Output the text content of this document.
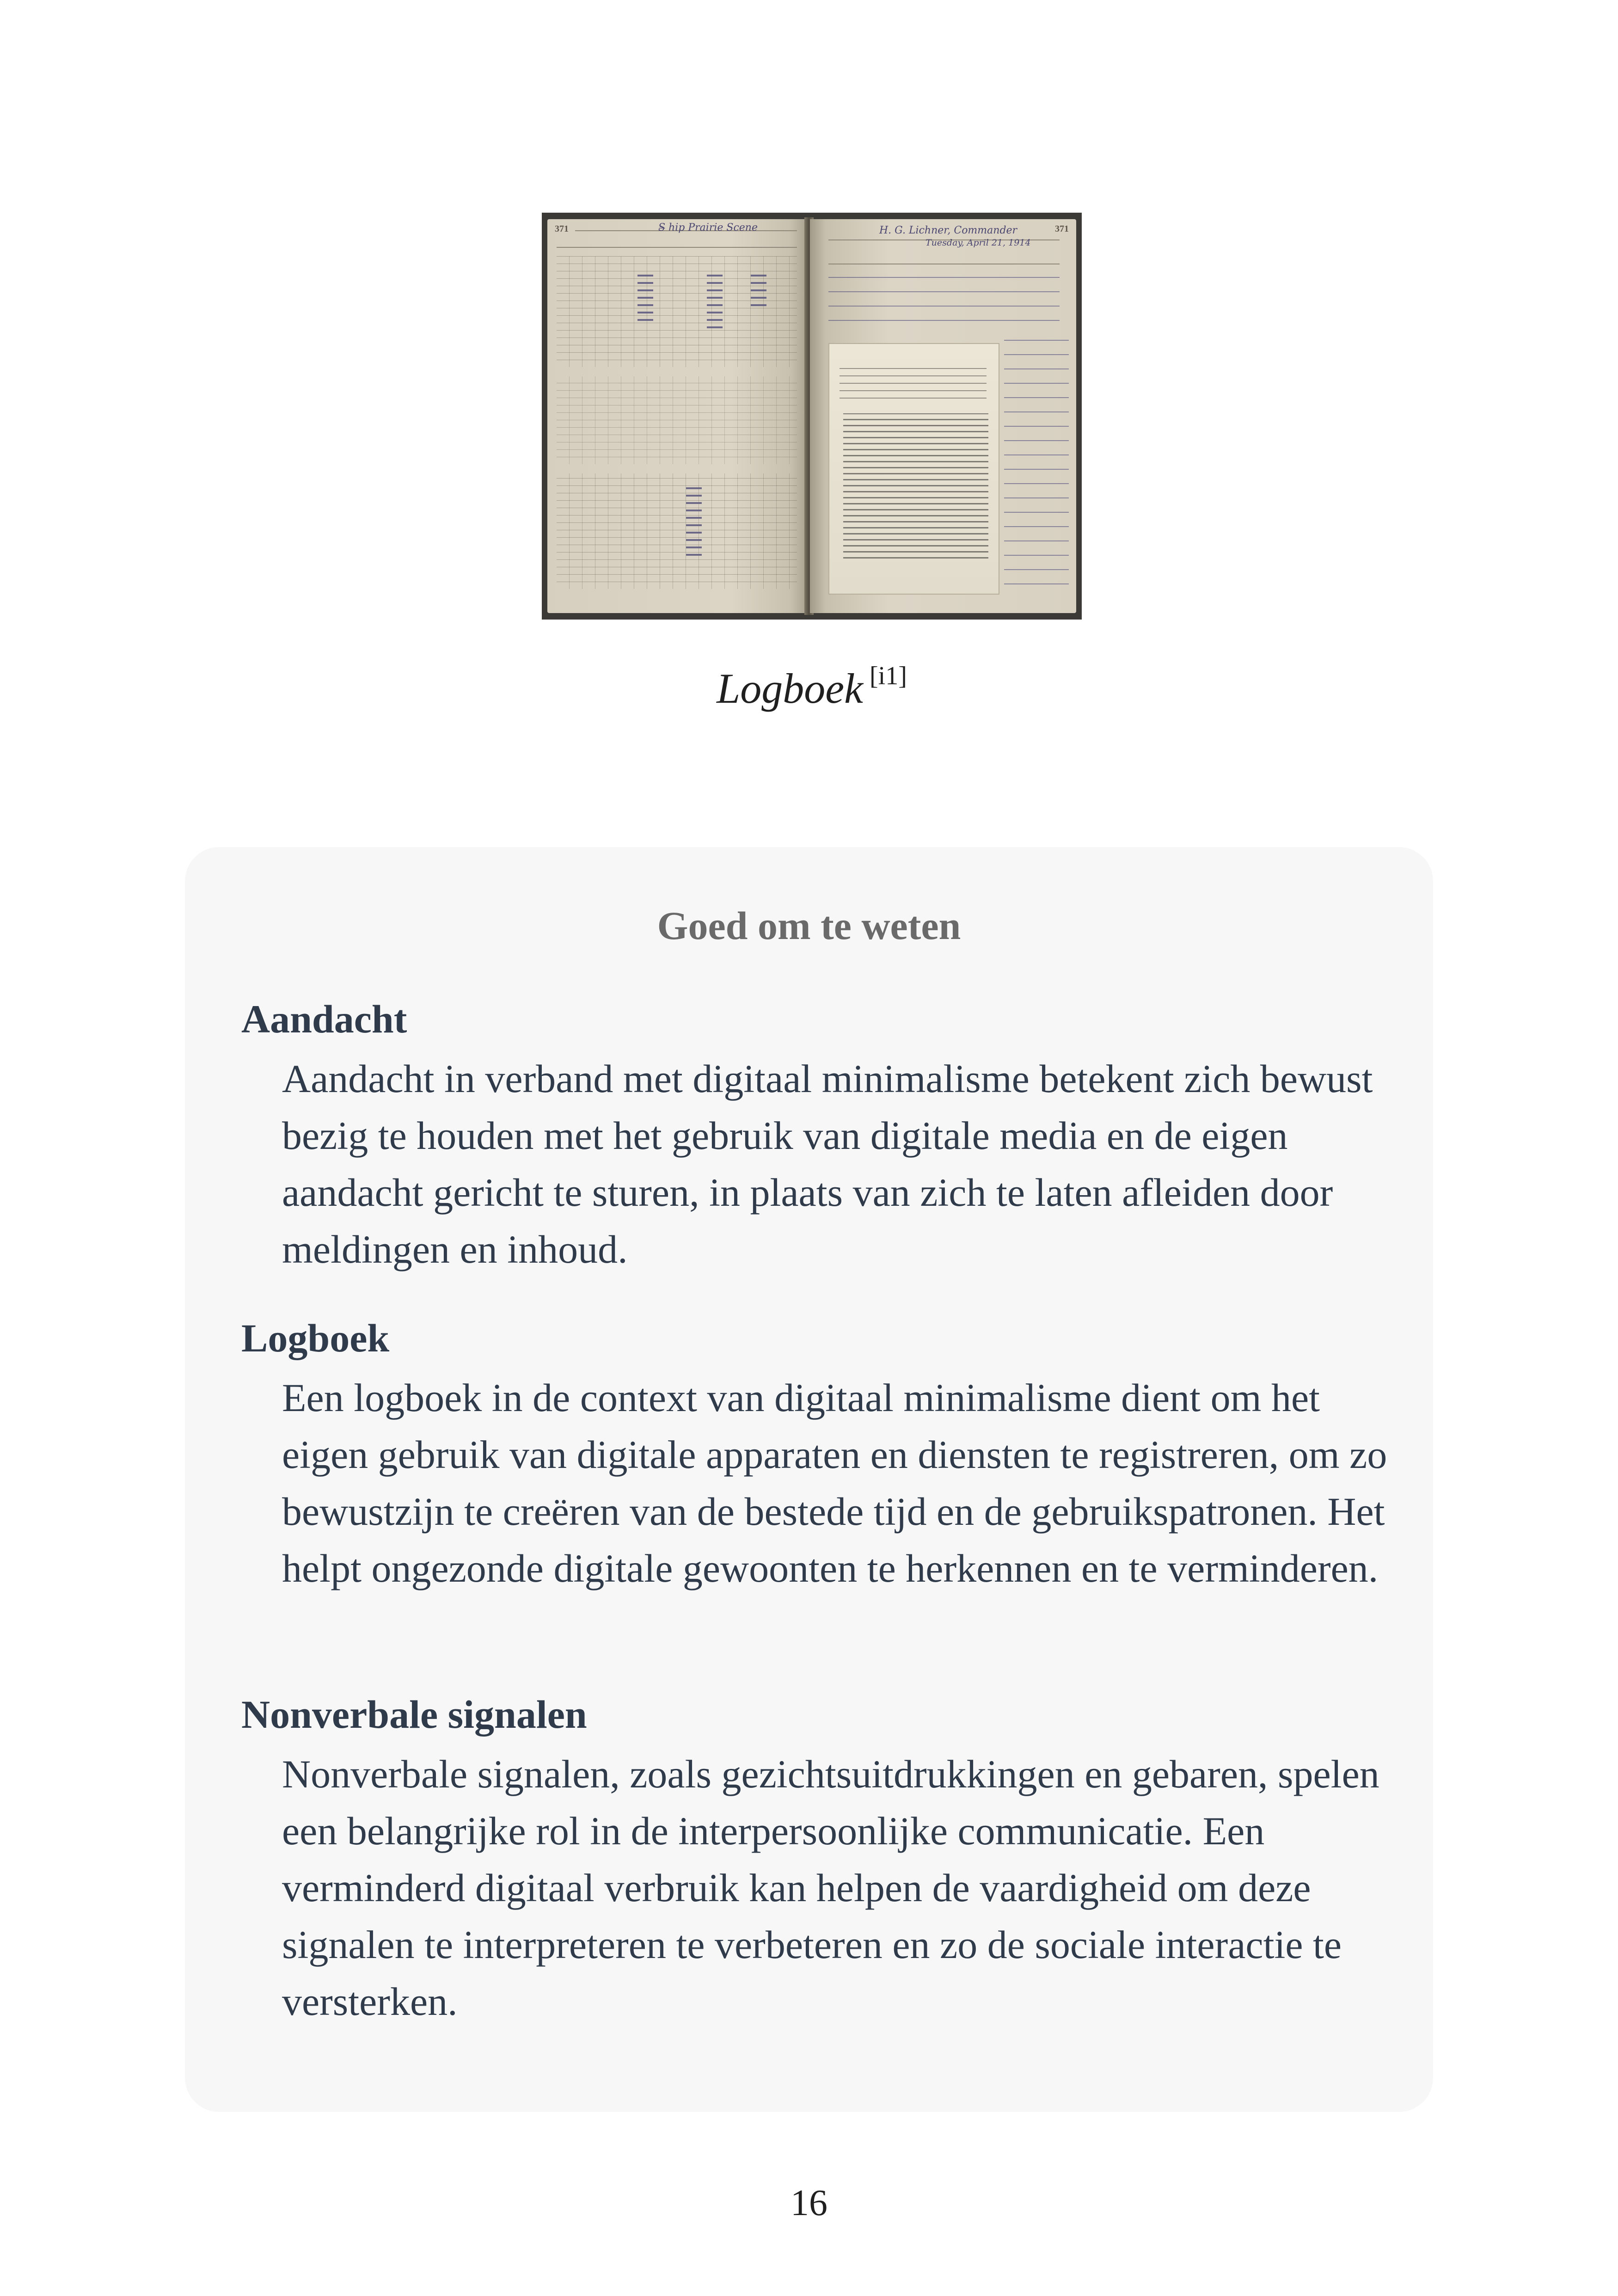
371	S̶ hip Prairie Scene	371
H. G. Lichner, Commander
Tuesday, April 21, 1914
Logboek [i1]
Goed om te weten
Aandacht
Aandacht in verband met digitaal minimalisme betekent zich bewust bezig te houden met het gebruik van digitale media en de eigen aandacht gericht te sturen, in plaats van zich te laten afleiden door meldingen en inhoud.
Logboek
Een logboek in de context van digitaal minimalisme dient om het eigen gebruik van digitale apparaten en diensten te registreren, om zo bewustzijn te creëren van de bestede tijd en de gebruikspatronen. Het helpt ongezonde digitale gewoonten te herkennen en te verminderen.
Nonverbale signalen
Nonverbale signalen, zoals gezichtsuitdrukkingen en gebaren, spelen een belangrijke rol in de interpersoonlijke communicatie. Een verminderd digitaal verbruik kan helpen de vaardigheid om deze signalen te interpreteren te verbeteren en zo de sociale interactie te versterken.
16
